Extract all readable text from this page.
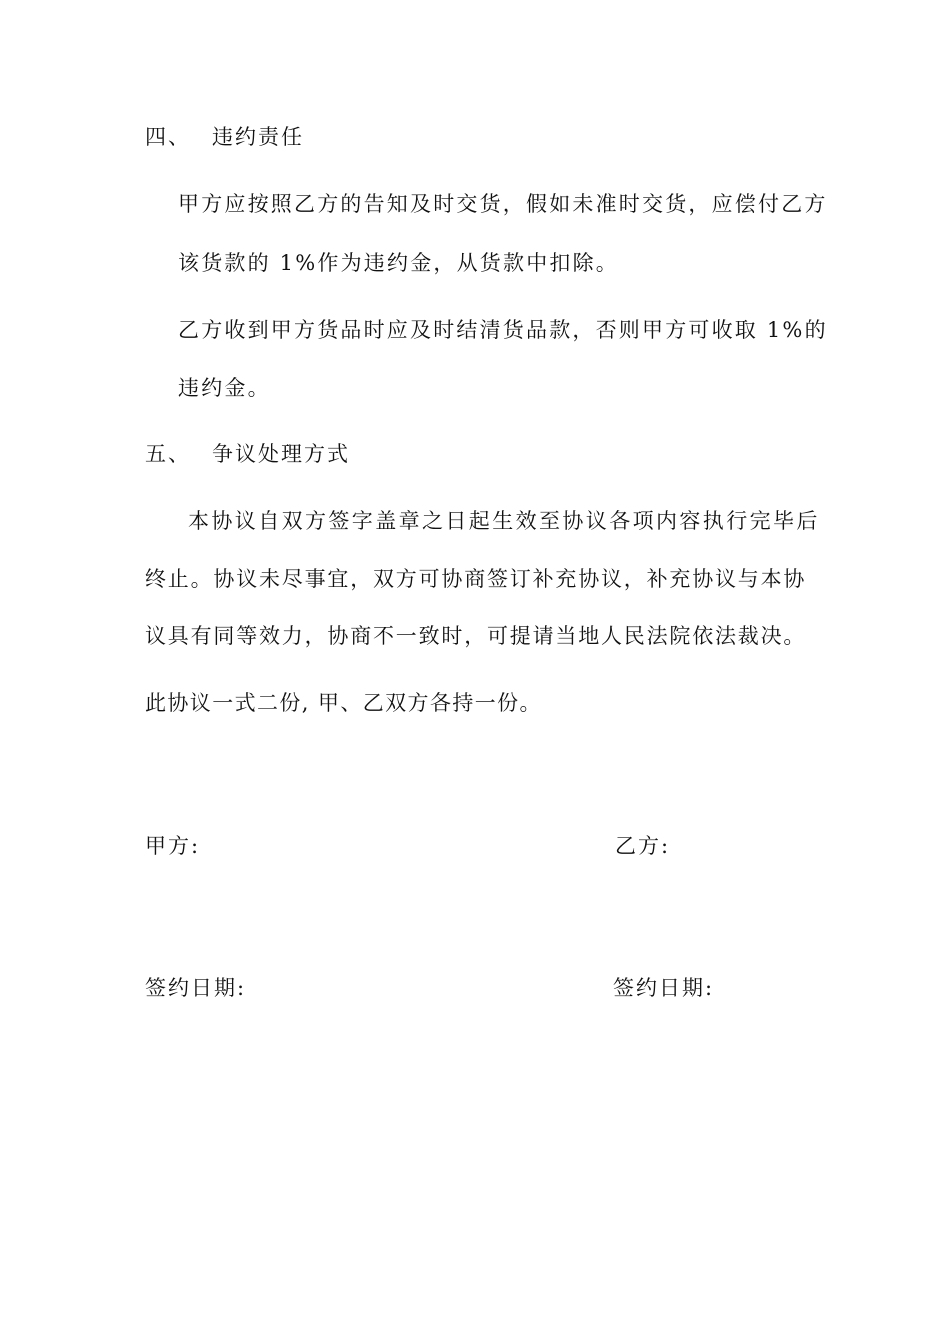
四、 违约责任
甲方应按照乙方的告知及时交货，假如未准时交货，应偿付乙方
该货款的 1%作为违约金，从货款中扣除。
乙方收到甲方货品时应及时结清货品款，否则甲方可收取 1%的
违约金。
五、 争议处理方式
本协议自双方签字盖章之日起生效至协议各项内容执行完毕后
终止。协议未尽事宜，双方可协商签订补充协议，补充协议与本协
议具有同等效力，协商不一致时，可提请当地人民法院依法裁决。
此协议一式二份, 甲、乙双方各持一份。
甲方:	乙方:
签约日期:	签约日期:
